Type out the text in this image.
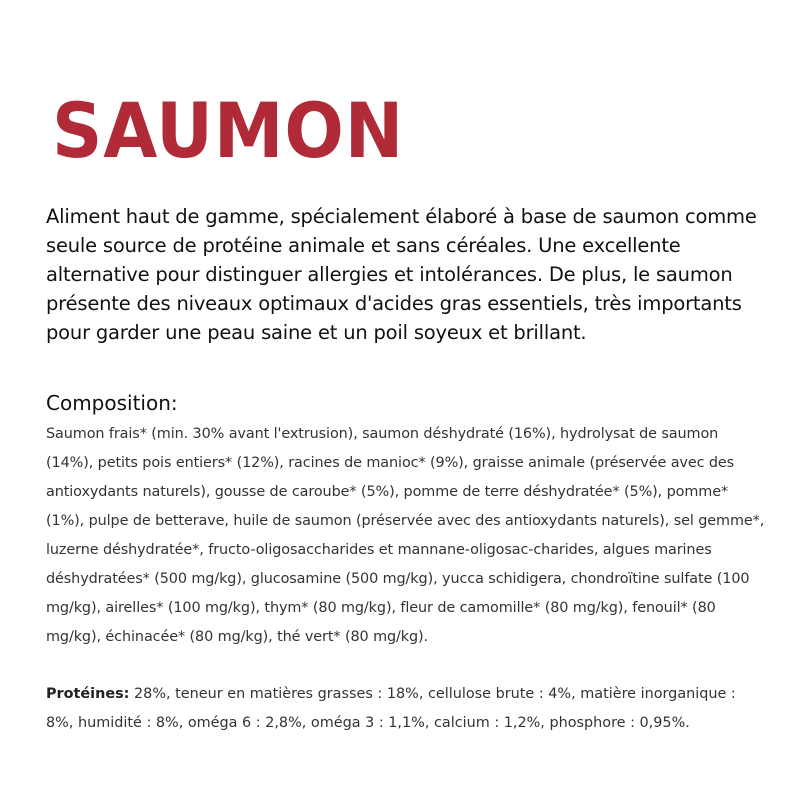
SAUMON

Aliment haut de gamme, spécialement élaboré à base de saumon comme seule source de protéine animale et sans céréales. Une excellente alternative pour distinguer allergies et intolérances. De plus, le saumon présente des niveaux optimaux d'acides gras essentiels, très importants pour garder une peau saine et un poil soyeux et brillant.

Composition:

Saumon frais* (min. 30% avant l'extrusion), saumon déshydraté (16%), hydrolysat de saumon (14%), petits pois entiers* (12%), racines de manioc* (9%), graisse animale (préservée avec des antioxydants naturels), gousse de caroube* (5%), pomme de terre déshydratée* (5%), pomme* (1%), pulpe de betterave, huile de saumon (préservée avec des antioxydants naturels), sel gemme*, luzerne déshydratée*, fructo-oligosaccharides et mannane-oligosac-charides, algues marines déshydratées* (500 mg/kg), glucosamine (500 mg/kg), yucca schidigera, chondroïtine sulfate (100 mg/kg), airelles* (100 mg/kg), thym* (80 mg/kg), fleur de camomille* (80 mg/kg), fenouil* (80 mg/kg), échinacée* (80 mg/kg), thé vert* (80 mg/kg).

Protéines: 28%, teneur en matières grasses : 18%, cellulose brute : 4%, matière inorganique : 8%, humidité : 8%, oméga 6 : 2,8%, oméga 3 : 1,1%, calcium : 1,2%, phosphore : 0,95%.
